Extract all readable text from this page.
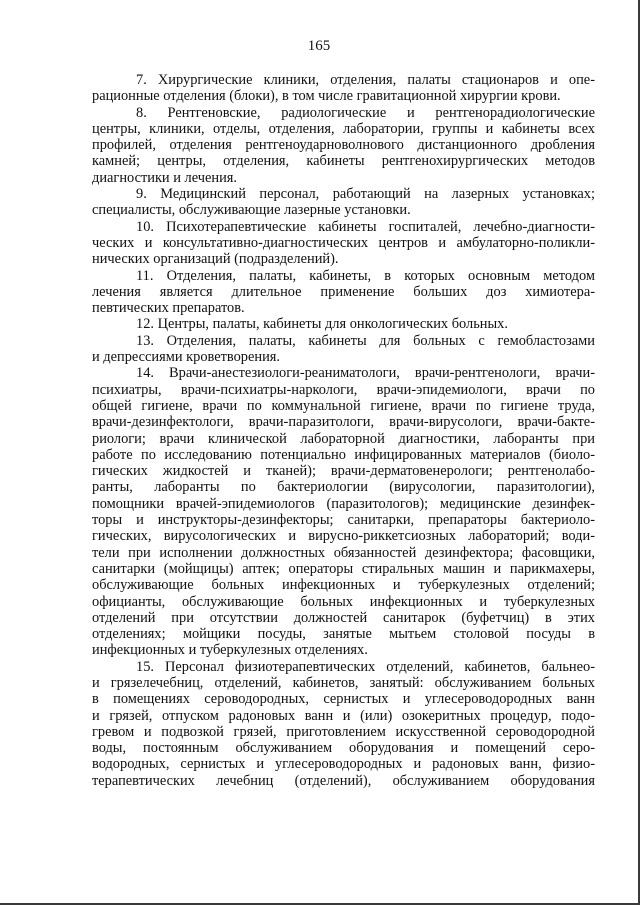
165
7. Хирургические клиники, отделения, палаты стационаров и опе-
рационные отделения (блоки), в том числе гравитационной хирургии крови.
8. Рентгеновские, радиологические и рентгенорадиологические
центры, клиники, отделы, отделения, лаборатории, группы и кабинеты всех
профилей, отделения рентгеноударноволнового дистанционного дробления
камней; центры, отделения, кабинеты рентгенохирургических методов
диагностики и лечения.
9. Медицинский персонал, работающий на лазерных установках;
специалисты, обслуживающие лазерные установки.
10. Психотерапевтические кабинеты госпиталей, лечебно-диагности-
ческих и консультативно-диагностических центров и амбулаторно-поликли-
нических организаций (подразделений).
11. Отделения, палаты, кабинеты, в которых основным методом
лечения является длительное применение больших доз химиотера-
певтических препаратов.
12. Центры, палаты, кабинеты для онкологических больных.
13. Отделения, палаты, кабинеты для больных с гемобластозами
и депрессиями кроветворения.
14. Врачи-анестезиологи-реаниматологи, врачи-рентгенологи, врачи-
психиатры, врачи-психиатры-наркологи, врачи-эпидемиологи, врачи по
общей гигиене, врачи по коммунальной гигиене, врачи по гигиене труда,
врачи-дезинфектологи, врачи-паразитологи, врачи-вирусологи, врачи-бакте-
риологи; врачи клинической лабораторной диагностики, лаборанты при
работе по исследованию потенциально инфицированных материалов (биоло-
гических жидкостей и тканей); врачи-дерматовенерологи; рентгенолабо-
ранты, лаборанты по бактериологии (вирусологии, паразитологии),
помощники врачей-эпидемиологов (паразитологов); медицинские дезинфек-
торы и инструкторы-дезинфекторы; санитарки, препараторы бактериоло-
гических, вирусологических и вирусно-риккетсиозных лабораторий; води-
тели при исполнении должностных обязанностей дезинфектора; фасовщики,
санитарки (мойщицы) аптек; операторы стиральных машин и парикмахеры,
обслуживающие больных инфекционных и туберкулезных отделений;
официанты, обслуживающие больных инфекционных и туберкулезных
отделений при отсутствии должностей санитарок (буфетчиц) в этих
отделениях; мойщики посуды, занятые мытьем столовой посуды в
инфекционных и туберкулезных отделениях.
15. Персонал физиотерапевтических отделений, кабинетов, бальнео-
и грязелечебниц, отделений, кабинетов, занятый: обслуживанием больных
в помещениях сероводородных, сернистых и углесероводородных ванн
и грязей, отпуском радоновых ванн и (или) озокеритных процедур, подо-
гревом и подвозкой грязей, приготовлением искусственной сероводородной
воды, постоянным обслуживанием оборудования и помещений серо-
водородных, сернистых и углесероводородных и радоновых ванн, физио-
терапевтических лечебниц (отделений), обслуживанием оборудования
